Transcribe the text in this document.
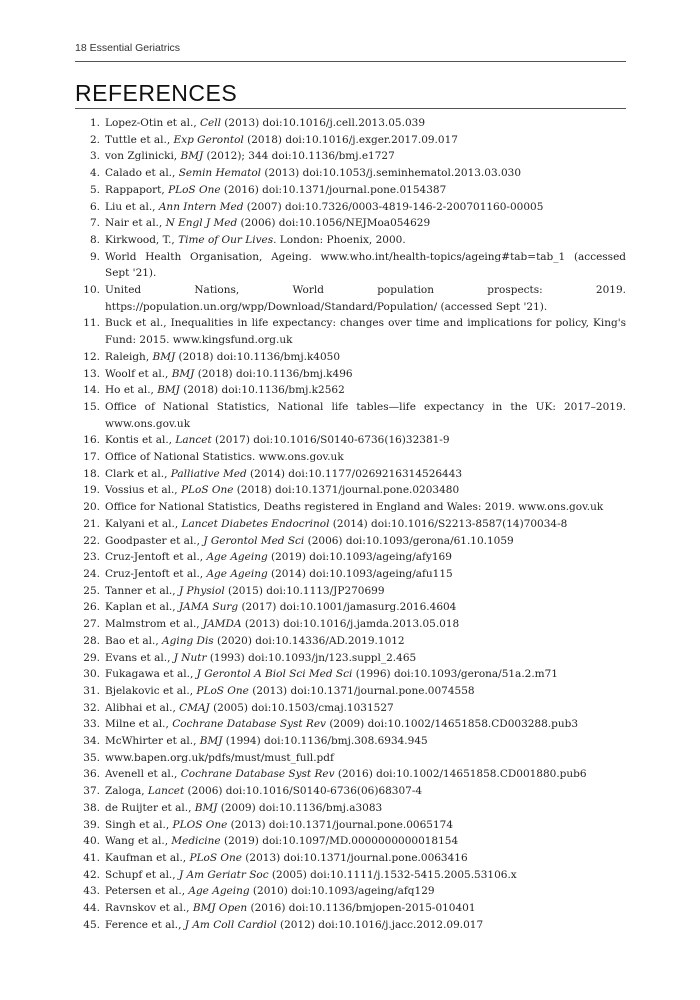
18 Essential Geriatrics
REFERENCES
1. Lopez-Otin et al., Cell (2013) doi:10.1016/j.cell.2013.05.039
2. Tuttle et al., Exp Gerontol (2018) doi:10.1016/j.exger.2017.09.017
3. von Zglinicki, BMJ (2012); 344 doi:10.1136/bmj.e1727
4. Calado et al., Semin Hematol (2013) doi:10.1053/j.seminhematol.2013.03.030
5. Rappaport, PLoS One (2016) doi:10.1371/journal.pone.0154387
6. Liu et al., Ann Intern Med (2007) doi:10.7326/0003-4819-146-2-200701160-00005
7. Nair et al., N Engl J Med (2006) doi:10.1056/NEJMoa054629
8. Kirkwood, T., Time of Our Lives. London: Phoenix, 2000.
9. World Health Organisation, Ageing. www.who.int/health-topics/ageing#tab=tab_1 (accessed Sept '21).
10. United Nations, World population prospects: 2019. https://population.un.org/wpp/Download/Standard/Population/ (accessed Sept '21).
11. Buck et al., Inequalities in life expectancy: changes over time and implications for policy, King's Fund: 2015. www.kingsfund.org.uk
12. Raleigh, BMJ (2018) doi:10.1136/bmj.k4050
13. Woolf et al., BMJ (2018) doi:10.1136/bmj.k496
14. Ho et al., BMJ (2018) doi:10.1136/bmj.k2562
15. Office of National Statistics, National life tables—life expectancy in the UK: 2017–2019. www.ons.gov.uk
16. Kontis et al., Lancet (2017) doi:10.1016/S0140-6736(16)32381-9
17. Office of National Statistics. www.ons.gov.uk
18. Clark et al., Palliative Med (2014) doi:10.1177/0269216314526443
19. Vossius et al., PLoS One (2018) doi:10.1371/journal.pone.0203480
20. Office for National Statistics, Deaths registered in England and Wales: 2019. www.ons.gov.uk
21. Kalyani et al., Lancet Diabetes Endocrinol (2014) doi:10.1016/S2213-8587(14)70034-8
22. Goodpaster et al., J Gerontol Med Sci (2006) doi:10.1093/gerona/61.10.1059
23. Cruz-Jentoft et al., Age Ageing (2019) doi:10.1093/ageing/afy169
24. Cruz-Jentoft et al., Age Ageing (2014) doi:10.1093/ageing/afu115
25. Tanner et al., J Physiol (2015) doi:10.1113/JP270699
26. Kaplan et al., JAMA Surg (2017) doi:10.1001/jamasurg.2016.4604
27. Malmstrom et al., JAMDA (2013) doi:10.1016/j.jamda.2013.05.018
28. Bao et al., Aging Dis (2020) doi:10.14336/AD.2019.1012
29. Evans et al., J Nutr (1993) doi:10.1093/jn/123.suppl_2.465
30. Fukagawa et al., J Gerontol A Biol Sci Med Sci (1996) doi:10.1093/gerona/51a.2.m71
31. Bjelakovic et al., PLoS One (2013) doi:10.1371/journal.pone.0074558
32. Alibhai et al., CMAJ (2005) doi:10.1503/cmaj.1031527
33. Milne et al., Cochrane Database Syst Rev (2009) doi:10.1002/14651858.CD003288.pub3
34. McWhirter et al., BMJ (1994) doi:10.1136/bmj.308.6934.945
35. www.bapen.org.uk/pdfs/must/must_full.pdf
36. Avenell et al., Cochrane Database Syst Rev (2016) doi:10.1002/14651858.CD001880.pub6
37. Zaloga, Lancet (2006) doi:10.1016/S0140-6736(06)68307-4
38. de Ruijter et al., BMJ (2009) doi:10.1136/bmj.a3083
39. Singh et al., PLOS One (2013) doi:10.1371/journal.pone.0065174
40. Wang et al., Medicine (2019) doi:10.1097/MD.0000000000018154
41. Kaufman et al., PLoS One (2013) doi:10.1371/journal.pone.0063416
42. Schupf et al., J Am Geriatr Soc (2005) doi:10.1111/j.1532-5415.2005.53106.x
43. Petersen et al., Age Ageing (2010) doi:10.1093/ageing/afq129
44. Ravnskov et al., BMJ Open (2016) doi:10.1136/bmjopen-2015-010401
45. Ference et al., J Am Coll Cardiol (2012) doi:10.1016/j.jacc.2012.09.017
